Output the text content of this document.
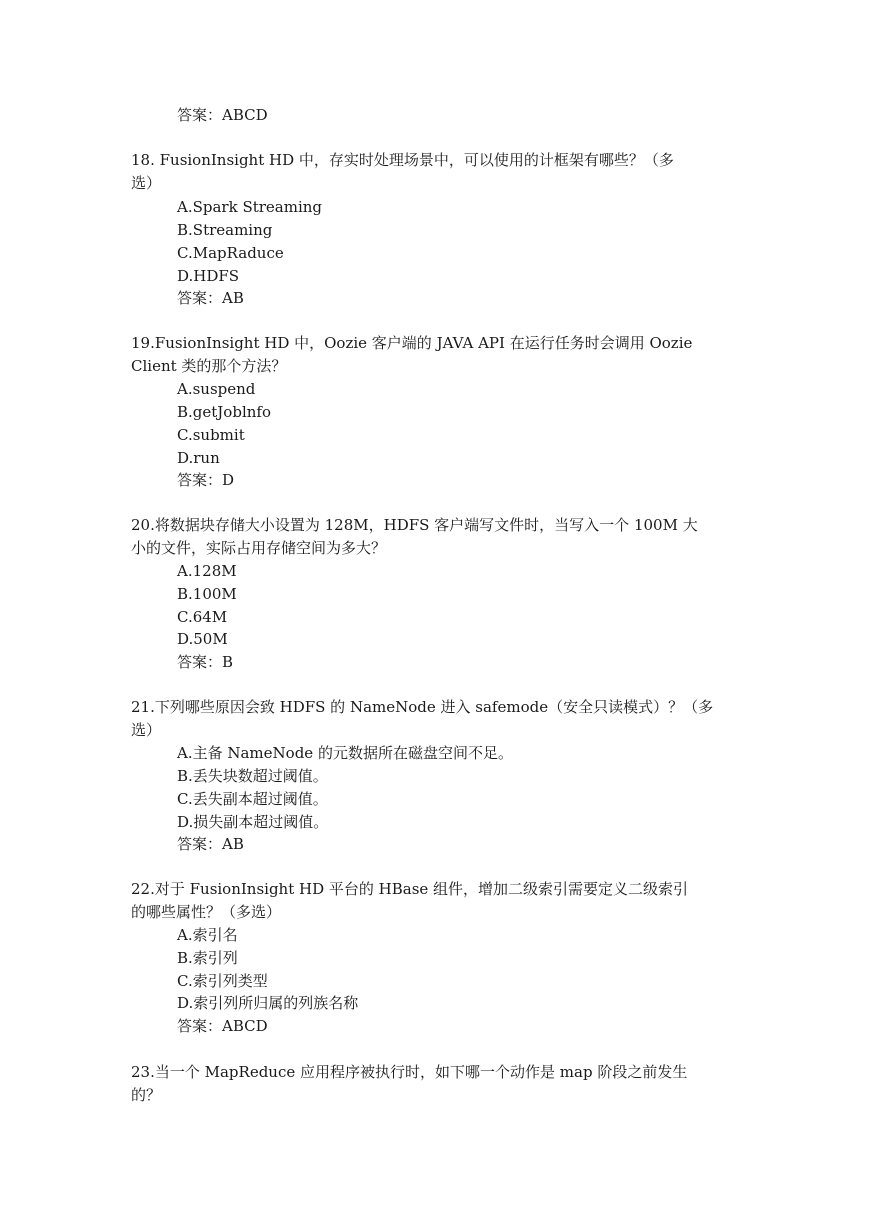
答案：ABCD
18. FusionInsight HD 中，存实时处理场景中，可以使用的计框架有哪些？（多
选）
A.Spark Streaming
B.Streaming
C.MapRaduce
D.HDFS
答案：AB
19.FusionInsight HD 中，Oozie 客户端的 JAVA API 在运行任务时会调用 Oozie
Client 类的那个方法？
A.suspend
B.getJoblnfo
C.submit
D.run
答案：D
20.将数据块存储大小设置为 128M，HDFS 客户端写文件时，当写入一个 100M 大
小的文件，实际占用存储空间为多大？
A.128M
B.100M
C.64M
D.50M
答案：B
21.下列哪些原因会致 HDFS 的 NameNode 进入 safemode（安全只读模式）？（多
选）
A.主备 NameNode 的元数据所在磁盘空间不足。
B.丢失块数超过阈值。
C.丢失副本超过阈值。
D.损失副本超过阈值。
答案：AB
22.对于 FusionInsight HD 平台的 HBase 组件，增加二级索引需要定义二级索引
的哪些属性？（多选）
A.索引名
B.索引列
C.索引列类型
D.索引列所归属的列族名称
答案：ABCD
23.当一个 MapReduce 应用程序被执行时，如下哪一个动作是 map 阶段之前发生
的？
